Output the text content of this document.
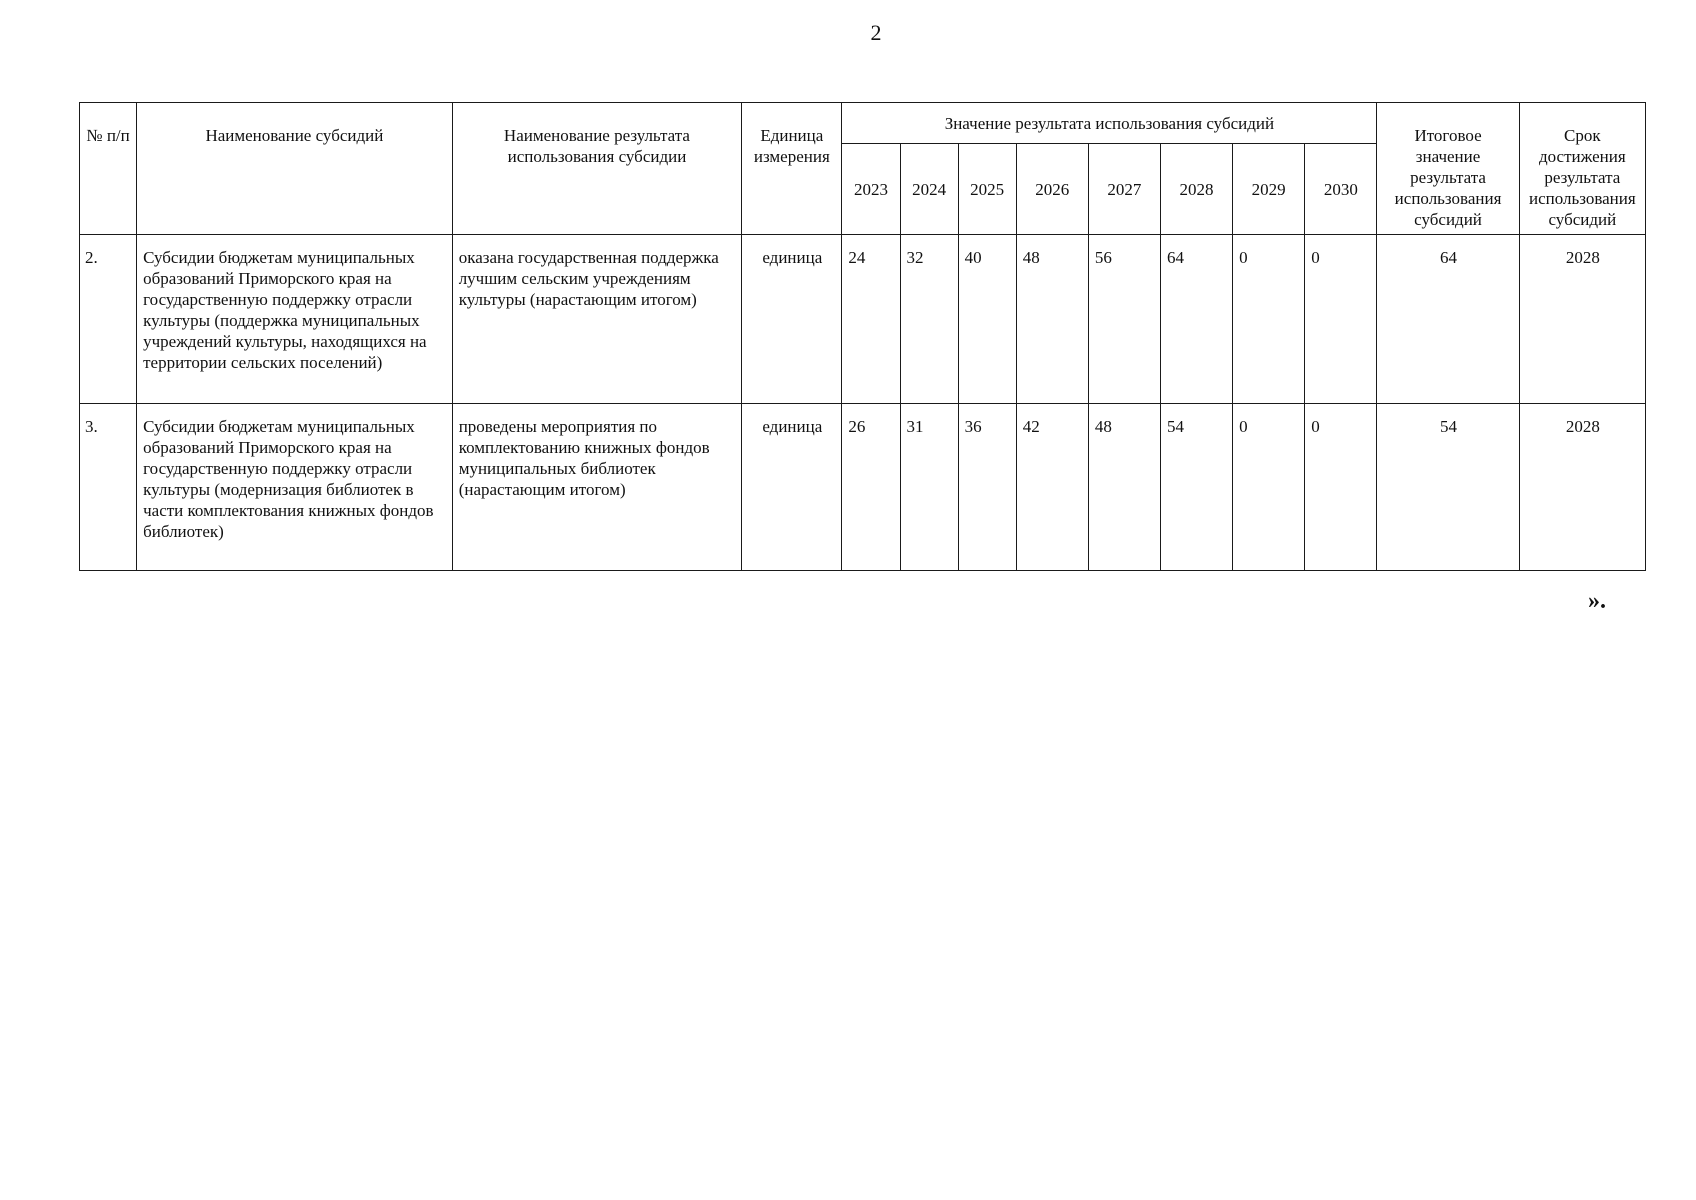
2
№ п/п	Наименование субсидий	Наименование результата использования субсидии	Единица измерения	Значение результата использования субсидий								Итоговое значение результата использования субсидий	Срок достижения результата использования субсидий
				2023	2024	2025	2026	2027	2028	2029	2030		
2.	Субсидии бюджетам муниципальных образований Приморского края на государственную поддержку отрасли культуры (поддержка муниципальных учреждений культуры, находящихся на территории сельских поселений)	оказана государственная поддержка лучшим сельским учреждениям культуры (нарастающим итогом)	единица	24	32	40	48	56	64	0	0	64	2028
3.	Субсидии бюджетам муниципальных образований Приморского края на государственную поддержку отрасли культуры (модернизация библиотек в части комплектования книжных фондов библиотек)	проведены мероприятия по комплектованию книжных фондов муниципальных библиотек (нарастающим итогом)	единица	26	31	36	42	48	54	0	0	54	2028
».
